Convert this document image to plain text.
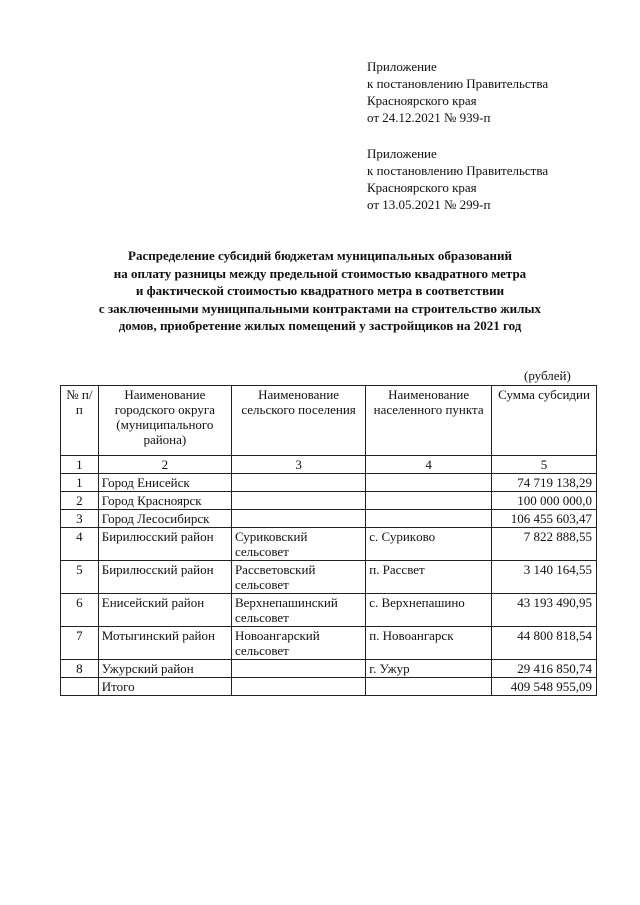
Приложение
к постановлению Правительства
Красноярского края
от 24.12.2021 № 939-п
Приложение
к постановлению Правительства
Красноярского края
от 13.05.2021 № 299-п
Распределение субсидий бюджетам муниципальных образований
на оплату разницы между предельной стоимостью квадратного метра
и фактической стоимостью квадратного метра в соответствии
с заключенными муниципальными контрактами на строительство жилых
домов, приобретение жилых помещений у застройщиков на 2021 год
(рублей)
№ п/п	Наименование городского округа (муниципального района)	Наименование сельского поселения	Наименование населенного пункта	Сумма субсидии
1	2	3	4	5
1	Город Енисейск			74 719 138,29
2	Город Красноярск			100 000 000,0
3	Город Лесосибирск			106 455 603,47
4	Бирилюсский район	Суриковский сельсовет	с. Сурикoво	7 822 888,55
5	Бирилюсский район	Рассветовский сельсовет	п. Рассвет	3 140 164,55
6	Енисейский район	Верхнепашинский сельсовет	с. Верхнепашино	43 193 490,95
7	Мотыгинский район	Новоангарский сельсовет	п. Новоангарск	44 800 818,54
8	Ужурский район		г. Ужур	29 416 850,74
	Итого			409 548 955,09
